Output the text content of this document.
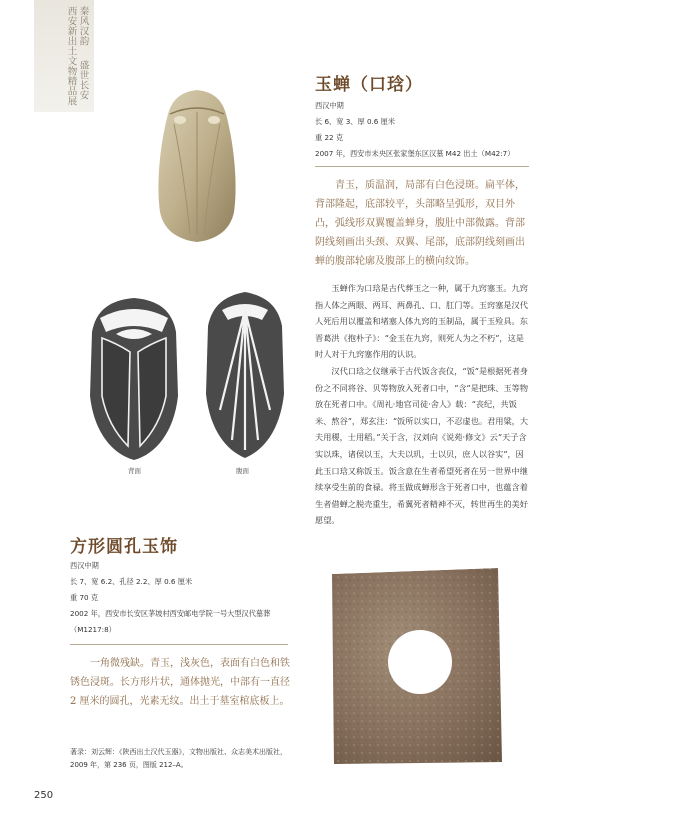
秦风汉韵
盛世长安
西安新出土文物精品展
背面	腹面
玉蝉（口琀）
西汉中期
长 6、宽 3、厚 0.6 厘米
重 22 克
2007 年，西安市未央区张家堡东区汉墓 M42 出土（M42:7）
青玉，质温润，局部有白色浸斑。扁平体，背部隆起，底部较平，头部略呈弧形，双目外凸，弧线形双翼覆盖蝉身，腹肚中部微露。背部阴线刻画出头颈、双翼、尾部，底部阴线刻画出蝉的腹部轮廓及腹部上的横向纹饰。

玉蝉作为口琀是古代葬玉之一种，属于九窍塞玉。九窍指人体之两眼、两耳、两鼻孔、口、肛门等。玉窍塞是汉代人死后用以覆盖和堵塞人体九窍的玉制品，属于玉殓具。东晋葛洪《抱朴子》：“金玉在九窍，则死人为之不朽”，这是时人对于九窍塞作用的认识。

汉代口琀之仪继承于古代饭含丧仪，“饭”是根据死者身份之不同将谷、贝等物放入死者口中，“含”是把珠、玉等物放在死者口中。《周礼·地官司徒·舍人》载：“丧纪，共饭米、熬谷”，郑玄注：“饭所以实口，不忍虚也。君用粱，大夫用稷，士用稻。”关于含，汉刘向《说苑·修文》云“天子含实以珠，诸侯以玉，大夫以玑，士以贝，庶人以谷实”，因此玉口琀又称饭玉。饭含意在生者希望死者在另一世界中继续享受生前的食禄。将玉做成蝉形含于死者口中，也蕴含着生者借蝉之脱壳重生，希翼死者精神不灭，转世再生的美好愿望。

方形圆孔玉饰
西汉中期
长 7、宽 6.2、孔径 2.2、厚 0.6 厘米
重 70 克
2002 年，西安市长安区茅坡村西安邮电学院一号大型汉代墓葬
（M1217:8）
一角微残缺。青玉，浅灰色，表面有白色和铁锈色浸斑。长方形片状，通体抛光，中部有一直径 2 厘米的圆孔，光素无纹。出土于墓室棺底板上。
著录：刘云辉：《陕西出土汉代玉器》，文物出版社、众志美术出版社，
2009 年，第 236 页，图版 212–A。
250
